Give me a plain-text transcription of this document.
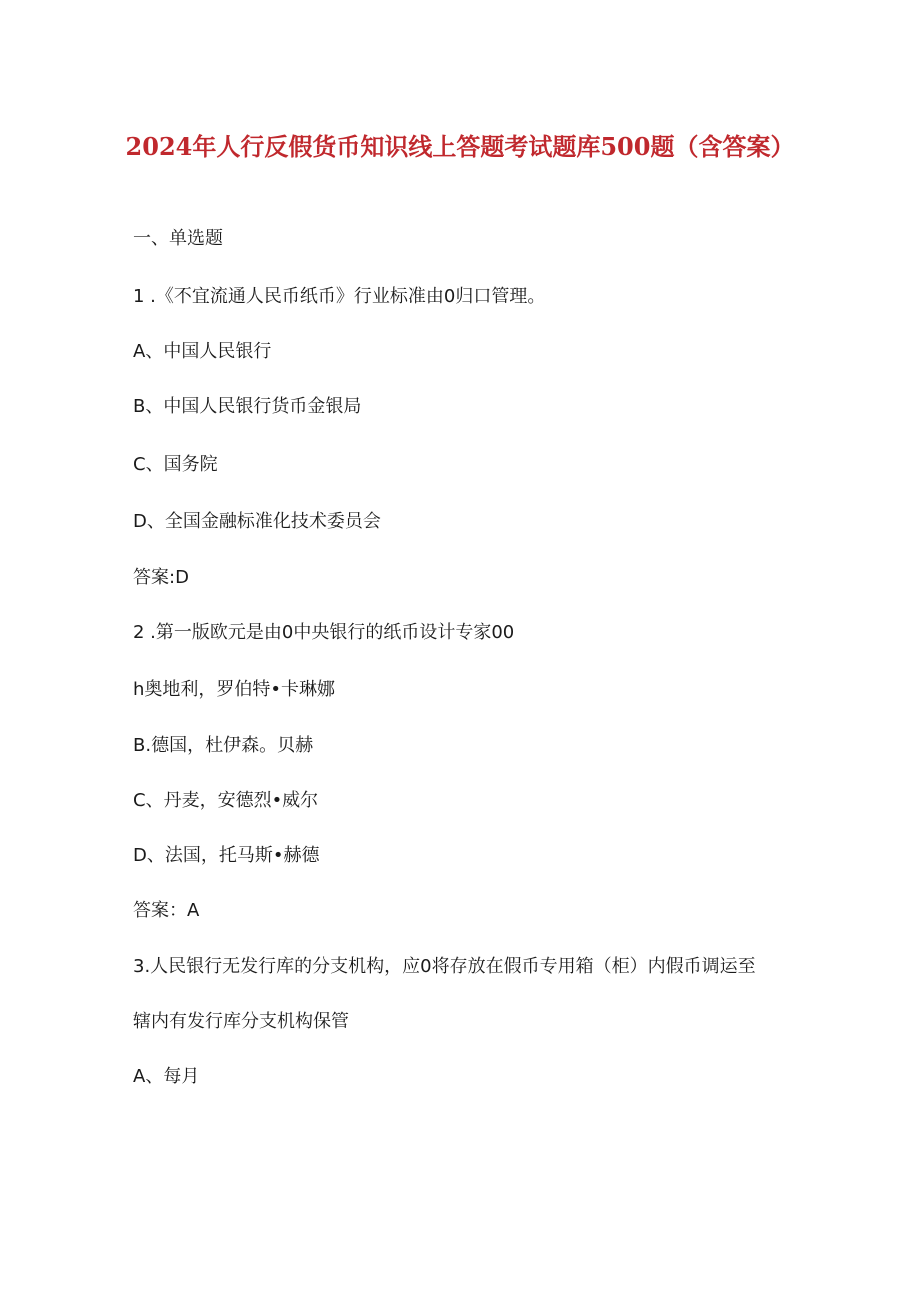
2024年人行反假货币知识线上答题考试题库500题（含答案）
一、单选题
1 .《不宜流通人民币纸币》行业标准由0归口管理。
A、中国人民银行
B、中国人民银行货币金银局
C、国务院
D、全国金融标准化技术委员会
答案:D
2 .第一版欧元是由0中央银行的纸币设计专家00
h奥地利，罗伯特•卡琳娜
B.德国，杜伊森。贝赫
C、丹麦，安德烈•威尔
D、法国，托马斯•赫德
答案：A
3.人民银行无发行库的分支机构，应0将存放在假币专用箱（柜）内假币调运至
辖内有发行库分支机构保管
A、每月
